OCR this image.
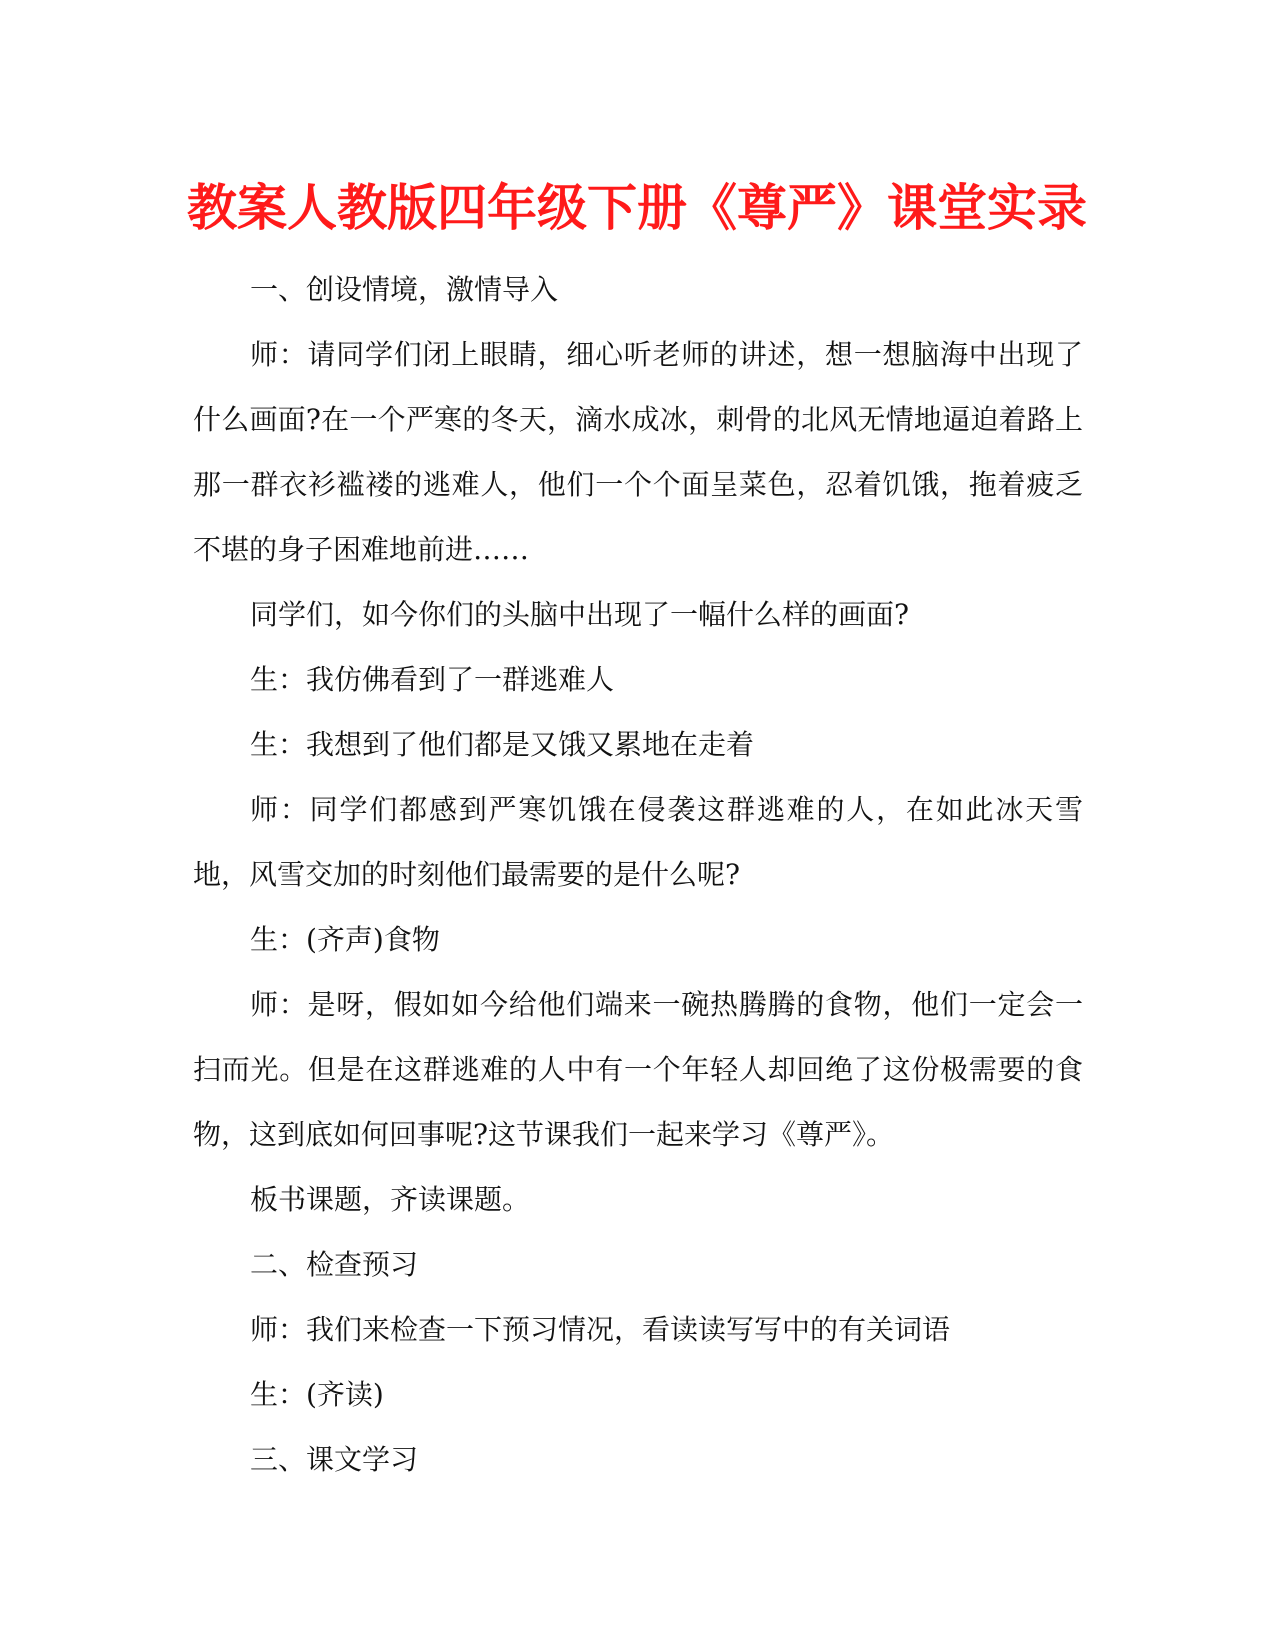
教案人教版四年级下册《尊严》课堂实录

一、创设情境，激情导入

师：请同学们闭上眼睛，细心听老师的讲述，想一想脑海中出现了什么画面?在一个严寒的冬天，滴水成冰，刺骨的北风无情地逼迫着路上那一群衣衫褴褛的逃难人，他们一个个面呈菜色，忍着饥饿，拖着疲乏不堪的身子困难地前进……

同学们，如今你们的头脑中出现了一幅什么样的画面?

生：我仿佛看到了一群逃难人

生：我想到了他们都是又饿又累地在走着

师：同学们都感到严寒饥饿在侵袭这群逃难的人，在如此冰天雪地，风雪交加的时刻他们最需要的是什么呢?

生：(齐声)食物

师：是呀，假如如今给他们端来一碗热腾腾的食物，他们一定会一扫而光。但是在这群逃难的人中有一个年轻人却回绝了这份极需要的食物，这到底如何回事呢?这节课我们一起来学习《尊严》。

板书课题，齐读课题。

二、检查预习

师：我们来检查一下预习情况，看读读写写中的有关词语

生：(齐读)

三、课文学习
